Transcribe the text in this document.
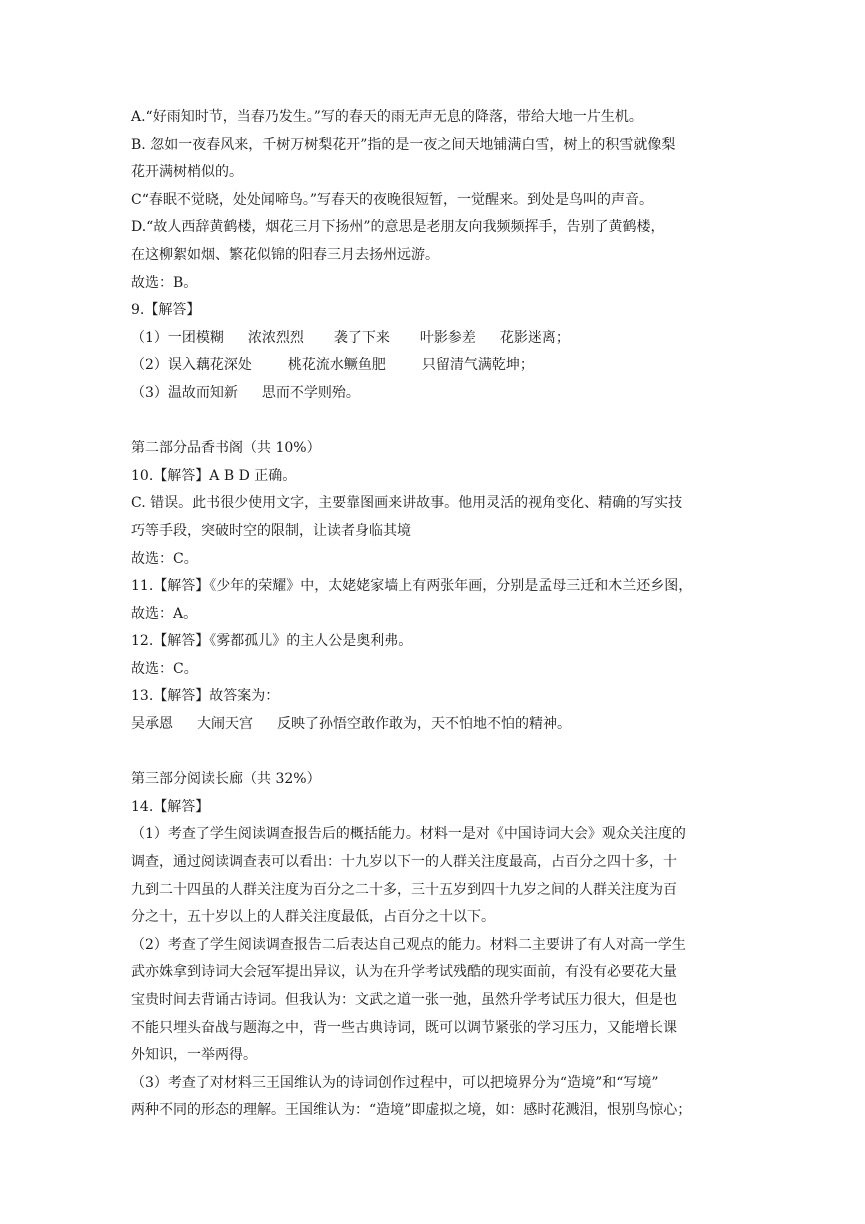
A.“好雨知时节，当春乃发生。”写的春天的雨无声无息的降落，带给大地一片生机。
B. 忽如一夜春风来，千树万树梨花开”指的是一夜之间天地铺满白雪，树上的积雪就像梨
花开满树梢似的。
C“春眠不觉晓，处处闻啼鸟。”写春天的夜晚很短暂，一觉醒来。到处是鸟叫的声音。
D.“故人西辞黄鹤楼，烟花三月下扬州”的意思是老朋友向我频频挥手，告别了黄鹤楼，
在这柳絮如烟、繁花似锦的阳春三月去扬州远游。
故选：B。
9.【解答】
（1）一团模糊 浓浓烈烈 袭了下来 叶影参差 花影迷离；
（2）误入藕花深处	桃花流水鳜鱼肥	只留清气满乾坤；
（3）温故而知新 思而不学则殆。
第二部分品香书阁（共 10%）
10.【解答】A B D 正确。
C. 错误。此书很少使用文字，主要靠图画来讲故事。他用灵活的视角变化、精确的写实技
巧等手段，突破时空的限制，让读者身临其境
故选：C。
11.【解答】《少年的荣耀》中，太姥姥家墙上有两张年画，分别是孟母三迁和木兰还乡图，
故选：A。
12.【解答】《雾都孤儿》的主人公是奥利弗。
故选：C。
13.【解答】故答案为：
吴承恩 大闹天宫 反映了孙悟空敢作敢为，天不怕地不怕的精神。
第三部分阅读长廊（共 32%）
14.【解答】
（1）考查了学生阅读调查报告后的概括能力。材料一是对《中国诗词大会》观众关注度的
调查，通过阅读调查表可以看出：十九岁以下一的人群关注度最高，占百分之四十多，十
九到二十四虽的人群关注度为百分之二十多，三十五岁到四十九岁之间的人群关注度为百
分之十，五十岁以上的人群关注度最低，占百分之十以下。
（2）考查了学生阅读调查报告二后表达自己观点的能力。材料二主要讲了有人对高一学生
武亦姝拿到诗词大会冠军提出异议，认为在升学考试残酷的现实面前，有没有必要花大量
宝贵时间去背诵古诗词。但我认为：文武之道一张一弛，虽然升学考试压力很大，但是也
不能只埋头奋战与题海之中，背一些古典诗词，既可以调节紧张的学习压力，又能增长课
外知识，一举两得。
（3）考查了对材料三王国维认为的诗词创作过程中，可以把境界分为“造境”和“写境”
两种不同的形态的理解。王国维认为：“造境”即虚拟之境，如：感时花溅泪，恨别鸟惊心；
